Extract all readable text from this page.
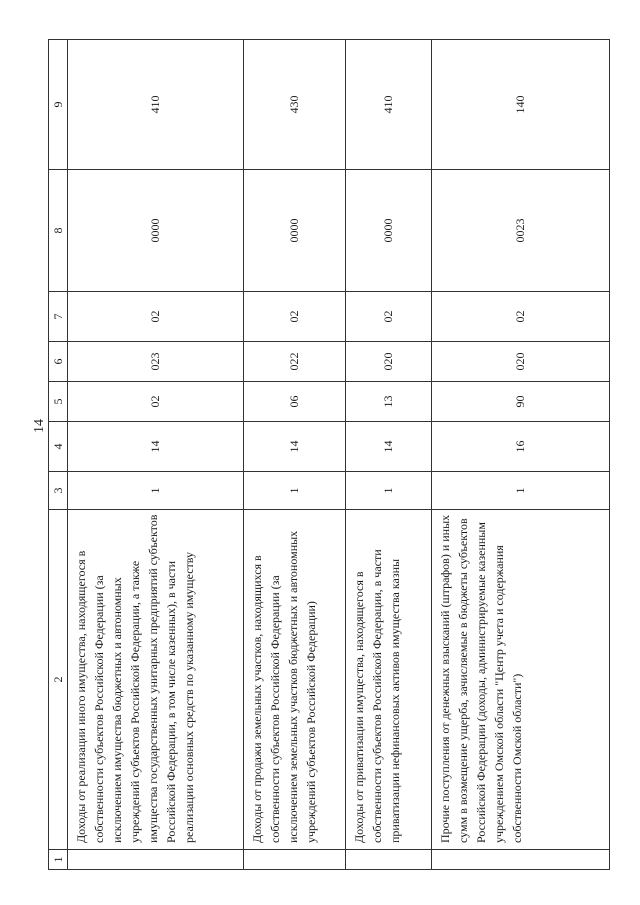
14
1	2	3	4	5	6	7	8	9
	Доходы от реализации иного имущества, находящегося в собственности субъектов Российской Федерации (за исключением имущества бюджетных и автономных учреждений субъектов Российской Федерации, а также имущества государственных унитарных предприятий субъектов Российской Федерации, в том числе казенных), в части реализации основных средств по указанному имуществу	1	14	02	023	02	0000	410
	Доходы от продажи земельных участков, находящихся в собственности субъектов Российской Федерации (за исключением земельных участков бюджетных и автономных учреждений субъектов Российской Федерации)	1	14	06	022	02	0000	430
	Доходы от приватизации имущества, находящегося в собственности субъектов Российской Федерации, в части приватизации нефинансовых активов имущества казны	1	14	13	020	02	0000	410
	Прочие поступления от денежных взысканий (штрафов) и иных сумм в возмещение ущерба, зачисляемые в бюджеты субъектов Российской Федерации (доходы, администрируемые казенным учреждением Омской области "Центр учета и содержания собственности Омской области")	1	16	90	020	02	0023	140
